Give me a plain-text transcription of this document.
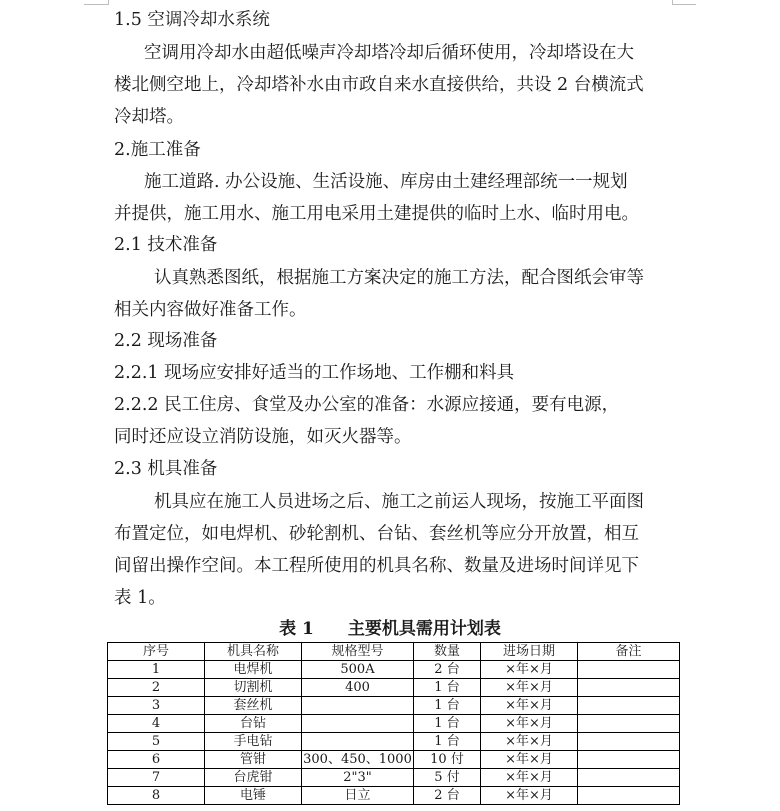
1.5 空调冷却水系统
空调用冷却水由超低噪声冷却塔冷却后循环使用，冷却塔设在大
楼北侧空地上，冷却塔补水由市政自来水直接供给，共设 2 台横流式
冷却塔。
2.施工准备
施工道路. 办公设施、生活设施、库房由土建经理部统一一规划
并提供，施工用水、施工用电采用土建提供的临时上水、临时用电。
2.1 技术准备
认真熟悉图纸，根据施工方案决定的施工方法，配合图纸会审等
相关内容做好准备工作。
2.2 现场准备
2.2.1 现场应安排好适当的工作场地、工作棚和料具
2.2.2 民工住房、食堂及办公室的准备：水源应接通，要有电源，
同时还应设立消防设施，如灭火器等。
2.3 机具准备
机具应在施工人员进场之后、施工之前运人现场，按施工平面图
布置定位，如电焊机、砂轮割机、台钻、套丝机等应分开放置，相互
间留出操作空间。本工程所使用的机具名称、数量及进场时间详见下
表 1。
表 1 主要机具需用计划表
序号	机具名称	规格型号	数量	进场日期	备注
1	电焊机	500A	2 台	×年×月	
2	切割机	400	1 台	×年×月	
3	套丝机		1 台	×年×月	
4	台钻		1 台	×年×月	
5	手电钻		1 台	×年×月	
6	管钳	300、450、1000	10 付	×年×月	
7	台虎钳	2"3"	5 付	×年×月	
8	电锤	日立	2 台	×年×月	
